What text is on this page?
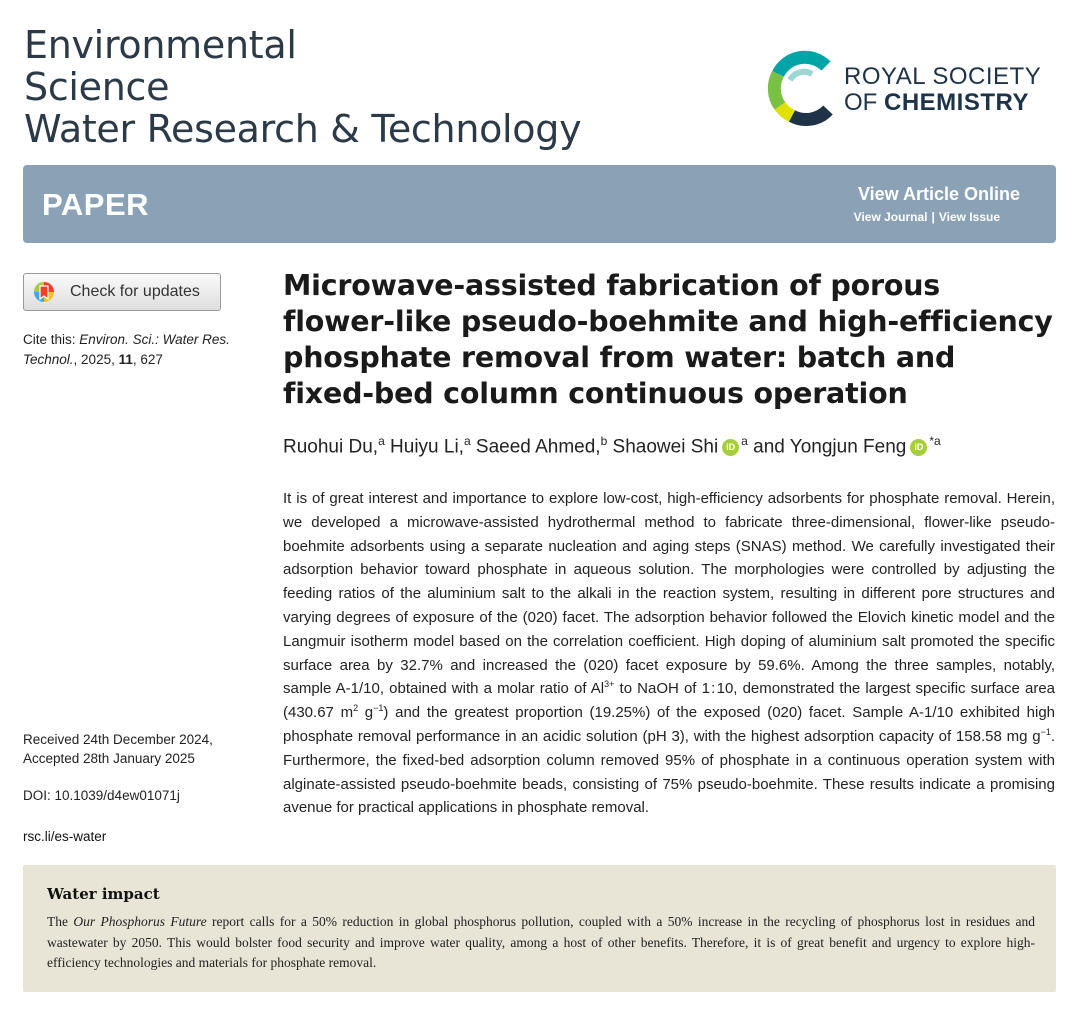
Environmental
Science
Water Research & Technology
ROYAL SOCIETY
OF CHEMISTRY
PAPER	View Article Online
View Journal | View Issue
Check for updates
Cite this: Environ. Sci.: Water Res. Technol., 2025, 11, 627
Received 24th December 2024,
Accepted 28th January 2025
DOI: 10.1039/d4ew01071j
rsc.li/es-water
Microwave-assisted fabrication of porous flower-like pseudo-boehmite and high-efficiency phosphate removal from water: batch and fixed-bed column continuous operation
Ruohui Du,$^a$ Huiyu Li,$^a$ Saeed Ahmed,$^b$ Shaowei Shi iD $^a$ and Yongjun Feng iD $^{*a}$
It is of great interest and importance to explore low-cost, high-efficiency adsorbents for phosphate removal. Herein, we developed a microwave-assisted hydrothermal method to fabricate three-dimensional, flower-like pseudo-boehmite adsorbents using a separate nucleation and aging steps (SNAS) method. We carefully investigated their adsorption behavior toward phosphate in aqueous solution. The morphologies were controlled by adjusting the feeding ratios of the aluminium salt to the alkali in the reaction system, resulting in different pore structures and varying degrees of exposure of the (020) facet. The adsorption behavior followed the Elovich kinetic model and the Langmuir isotherm model based on the correlation coefficient. High doping of aluminium salt promoted the specific surface area by 32.7% and increased the (020) facet exposure by 59.6%. Among the three samples, notably, sample A-1/10, obtained with a molar ratio of $Al^{3+}$ to NaOH of 1 : 10, demonstrated the largest specific surface area (430.67 $m^2$ $g^{-1}$) and the greatest proportion (19.25%) of the exposed (020) facet. Sample A-1/10 exhibited high phosphate removal performance in an acidic solution (pH 3), with the highest adsorption capacity of 158.58 mg $g^{-1}$. Furthermore, the fixed-bed adsorption column removed 95% of phosphate in a continuous operation system with alginate-assisted pseudo-boehmite beads, consisting of 75% pseudo-boehmite. These results indicate a promising avenue for practical applications in phosphate removal.
Water impact
The Our Phosphorus Future report calls for a 50% reduction in global phosphorus pollution, coupled with a 50% increase in the recycling of phosphorus lost in residues and wastewater by 2050. This would bolster food security and improve water quality, among a host of other benefits. Therefore, it is of great benefit and urgency to explore high-efficiency technologies and materials for phosphate removal.
